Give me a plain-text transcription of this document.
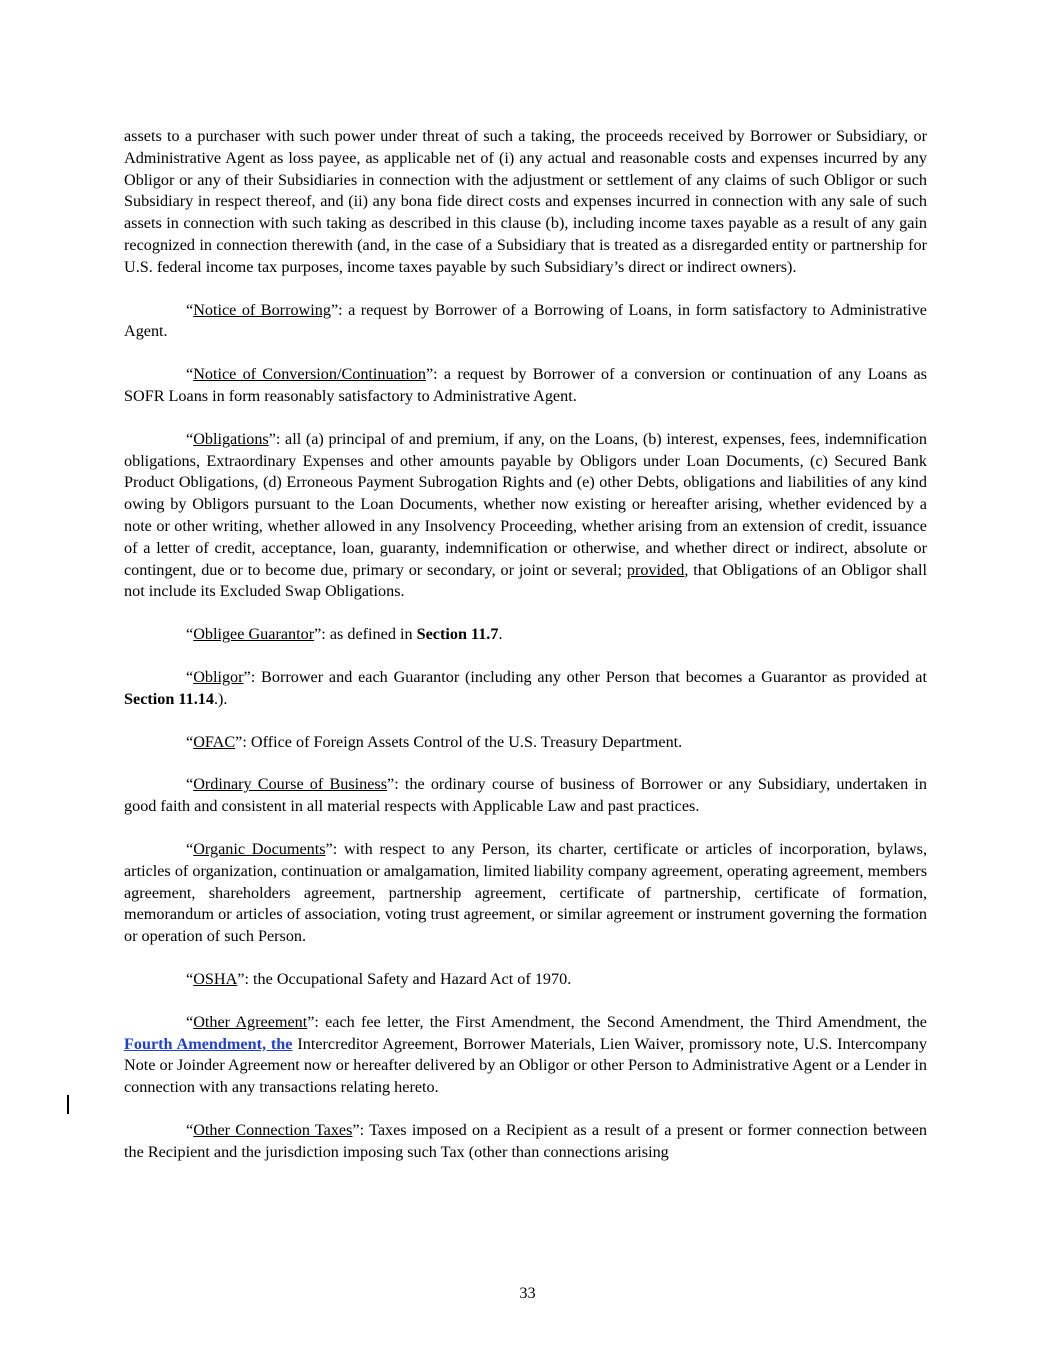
assets to a purchaser with such power under threat of such a taking, the proceeds received by Borrower or Subsidiary, or Administrative Agent as loss payee, as applicable net of (i) any actual and reasonable costs and expenses incurred by any Obligor or any of their Subsidiaries in connection with the adjustment or settlement of any claims of such Obligor or such Subsidiary in respect thereof, and (ii) any bona fide direct costs and expenses incurred in connection with any sale of such assets in connection with such taking as described in this clause (b), including income taxes payable as a result of any gain recognized in connection therewith (and, in the case of a Subsidiary that is treated as a disregarded entity or partnership for U.S. federal income tax purposes, income taxes payable by such Subsidiary’s direct or indirect owners).

“Notice of Borrowing”: a request by Borrower of a Borrowing of Loans, in form satisfactory to Administrative Agent.

“Notice of Conversion/Continuation”: a request by Borrower of a conversion or continuation of any Loans as SOFR Loans in form reasonably satisfactory to Administrative Agent.

“Obligations”: all (a) principal of and premium, if any, on the Loans, (b) interest, expenses, fees, indemnification obligations, Extraordinary Expenses and other amounts payable by Obligors under Loan Documents, (c) Secured Bank Product Obligations, (d) Erroneous Payment Subrogation Rights and (e) other Debts, obligations and liabilities of any kind owing by Obligors pursuant to the Loan Documents, whether now existing or hereafter arising, whether evidenced by a note or other writing, whether allowed in any Insolvency Proceeding, whether arising from an extension of credit, issuance of a letter of credit, acceptance, loan, guaranty, indemnification or otherwise, and whether direct or indirect, absolute or contingent, due or to become due, primary or secondary, or joint or several; provided, that Obligations of an Obligor shall not include its Excluded Swap Obligations.

“Obligee Guarantor”: as defined in Section 11.7.

“Obligor”: Borrower and each Guarantor (including any other Person that becomes a Guarantor as provided at Section 11.14.).

“OFAC”: Office of Foreign Assets Control of the U.S. Treasury Department.

“Ordinary Course of Business”: the ordinary course of business of Borrower or any Subsidiary, undertaken in good faith and consistent in all material respects with Applicable Law and past practices.

“Organic Documents”: with respect to any Person, its charter, certificate or articles of incorporation, bylaws, articles of organization, continuation or amalgamation, limited liability company agreement, operating agreement, members agreement, shareholders agreement, partnership agreement, certificate of partnership, certificate of formation, memorandum or articles of association, voting trust agreement, or similar agreement or instrument governing the formation or operation of such Person.

“OSHA”: the Occupational Safety and Hazard Act of 1970.

“Other Agreement”: each fee letter, the First Amendment, the Second Amendment, the Third Amendment, the Fourth Amendment, the Intercreditor Agreement, Borrower Materials, Lien Waiver, promissory note, U.S. Intercompany Note or Joinder Agreement now or hereafter delivered by an Obligor or other Person to Administrative Agent or a Lender in connection with any transactions relating hereto.

“Other Connection Taxes”: Taxes imposed on a Recipient as a result of a present or former connection between the Recipient and the jurisdiction imposing such Tax (other than connections arising

33
